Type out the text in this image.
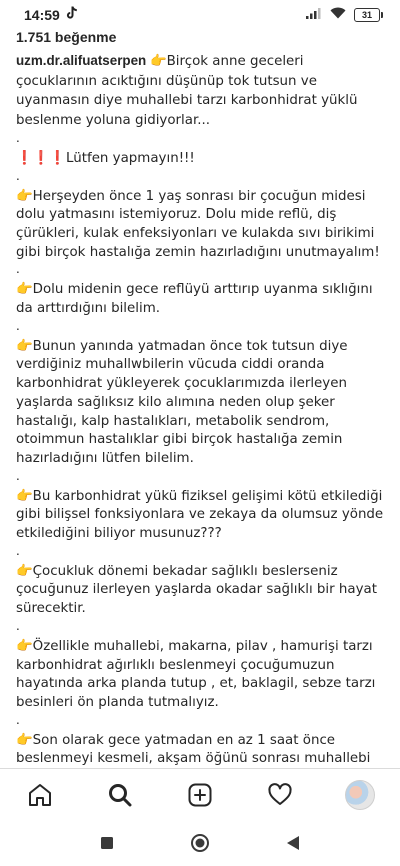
14:59	31
1.751 beğenme

uzm.dr.alifuatserpen 👉Birçok anne geceleri çocuklarının acıktığını düşünüp tok tutsun ve uyanmasın diye muhallebi tarzı karbonhidrat yüklü beslenme yoluna gidiyorlar...

.

❗❗❗Lütfen yapmayın!!!

.

👉Herşeyden önce 1 yaş sonrası bir çocuğun midesi dolu yatmasını istemiyoruz. Dolu mide reflü, diş çürükleri, kulak enfeksiyonları ve kulakda sıvı birikimi gibi birçok hastalığa zemin hazırladığını unutmayalım!

.

👉Dolu midenin gece reflüyü arttırıp uyanma sıklığını da arttırdığını bilelim.

.

👉Bunun yanında yatmadan önce tok tutsun diye verdiğiniz muhallwbilerin vücuda ciddi oranda karbonhidrat yükleyerek çocuklarımızda ilerleyen yaşlarda sağlıksız kilo alımına neden olup şeker hastalığı, kalp hastalıkları, metabolik sendrom, otoimmun hastalıklar gibi birçok hastalığa zemin hazırladığını lütfen bilelim.

.

👉Bu karbonhidrat yükü fiziksel gelişimi kötü etkilediği gibi bilişsel fonksiyonlara ve zekaya da olumsuz yönde etkilediğini biliyor musunuz???

.

👉Çocukluk dönemi bekadar sağlıklı beslerseniz çocuğunuz ilerleyen yaşlarda okadar sağlıklı bir hayat sürecektir.

.

👉Özellikle muhallebi, makarna, pilav , hamurişi tarzı karbonhidrat ağırlıklı beslenmeyi çocuğumuzun hayatında arka planda tutup , et, baklagil, sebze tarzı besinleri ön planda tutmalıyız.

.

👉Son olarak gece yatmadan en az 1 saat önce beslenmeyi kesmeli, akşam öğünü sonrası muhallebi
